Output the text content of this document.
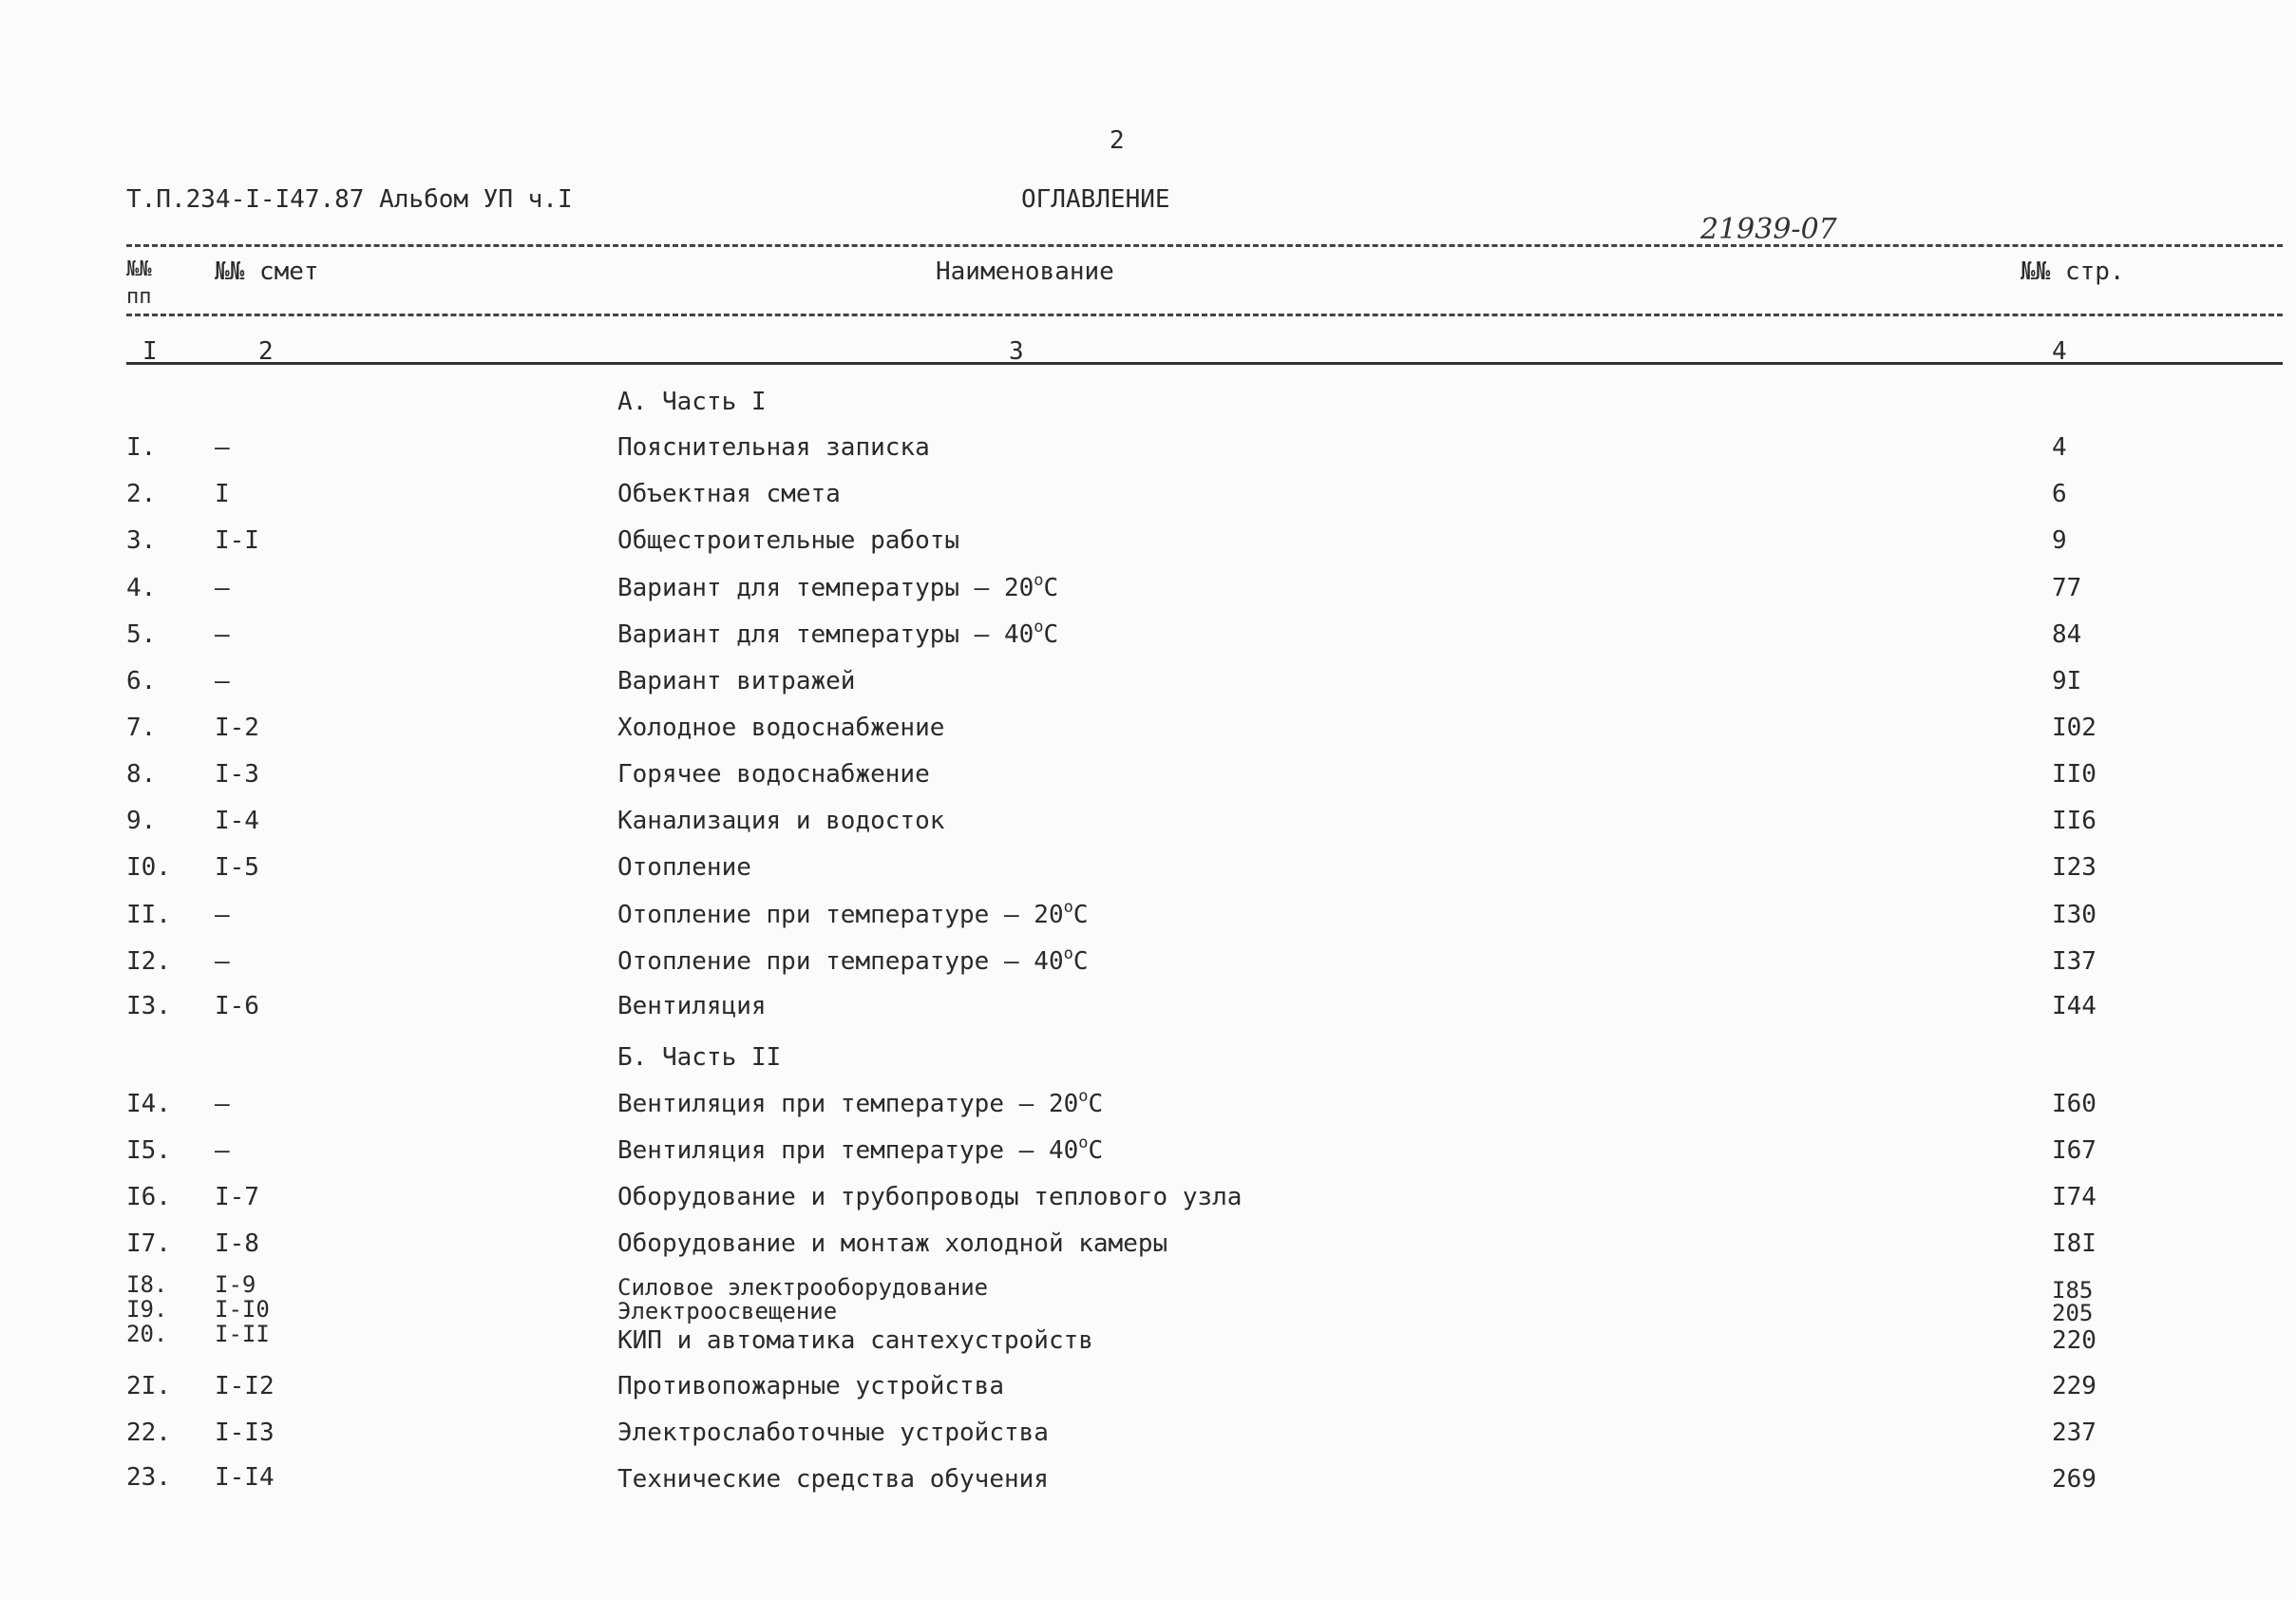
2
Т.П.234-I-I47.87 Альбом УП ч.I	ОГЛАВЛЕНИЕ
21939-07
№№
пп
№№ смет	Наименование	№№ стр.
I	2	3	4
А. Часть I
I. –	Пояснительная записка	4
2. I	Объектная смета	6
3. I-I	Общестроительные работы	9
4. –	Вариант для температуры – $20^оС$	77
5. –	Вариант для температуры – $40^оС$	84
6. –	Вариант витражей	9I
7. I-2	Холодное водоснабжение	I02
8. I-3	Горячее водоснабжение	II0
9. I-4	Канализация и водосток	II6
I0. I-5	Отопление	I23
II. –	Отопление при температуре – $20^оС$	I30
I2. –	Отопление при температуре – $40^оС$	I37
I3. I-6	Вентиляция	I44
Б. Часть II
I4. –	Вентиляция при температуре – $20^оС$	I60
I5. –	Вентиляция при температуре – $40^оС$	I67
I6. I-7	Оборудование и трубопроводы теплового узла	I74
I7. I-8	Оборудование и монтаж холодной камеры	I8I
I8. I-9	Силовое электрооборудование	I85
I9. I-I0	Электроосвещение	205
20. I-II	КИП и автоматика сантехустройств	220
2I. I-I2	Противопожарные устройства	229
22. I-I3	Электрослаботочные устройства	237
23. I-I4	Технические средства обучения	269
